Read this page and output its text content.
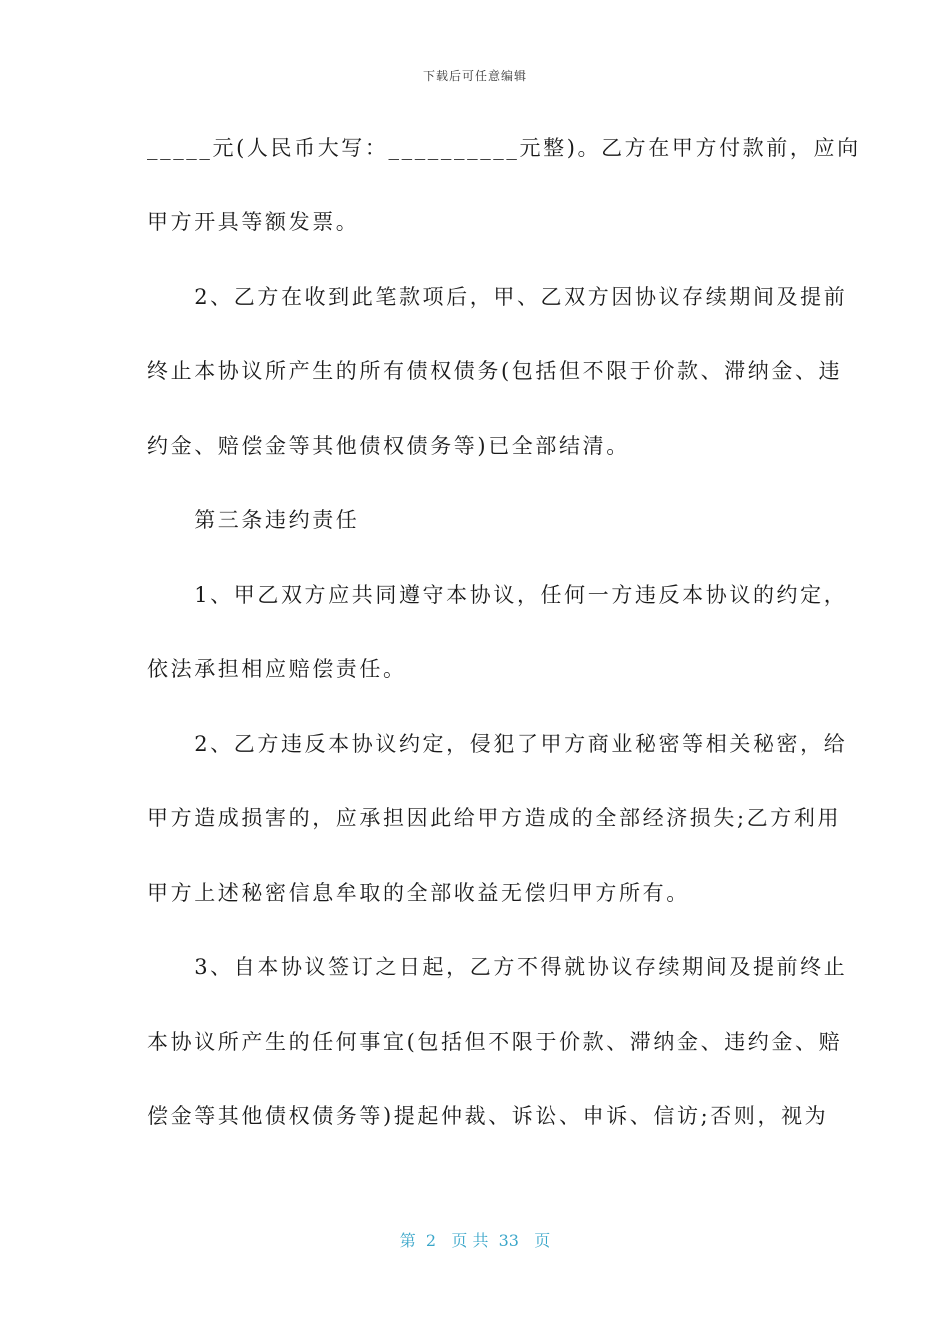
下载后可任意编辑
_____元(人民币大写：__________元整)。乙方在甲方付款前，应向
甲方开具等额发票。
　　2、乙方在收到此笔款项后，甲、乙双方因协议存续期间及提前
终止本协议所产生的所有债权债务(包括但不限于价款、滞纳金、违
约金、赔偿金等其他债权债务等)已全部结清。
　　第三条违约责任
　　1、甲乙双方应共同遵守本协议，任何一方违反本协议的约定，
依法承担相应赔偿责任。
　　2、乙方违反本协议约定，侵犯了甲方商业秘密等相关秘密，给
甲方造成损害的，应承担因此给甲方造成的全部经济损失;乙方利用
甲方上述秘密信息牟取的全部收益无偿归甲方所有。
　　3、自本协议签订之日起，乙方不得就协议存续期间及提前终止
本协议所产生的任何事宜(包括但不限于价款、滞纳金、违约金、赔
偿金等其他债权债务等)提起仲裁、诉讼、申诉、信访;否则，视为
第  2   页 共  33   页
